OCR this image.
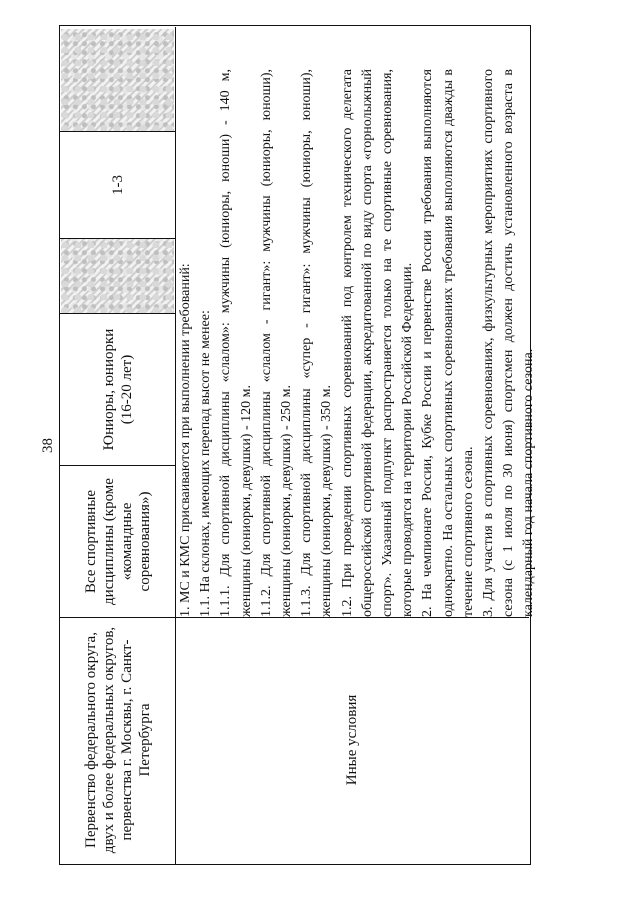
38
Первенство федерального округа, двух и более федеральных округов, первенства г. Москвы, г. Санкт-Петербурга
Все спортивные дисциплины (кроме «командные соревнования»)
Юниоры, юниорки (16-20 лет)
1-3
Иные условия

1. МС и КМС присваиваются при выполнении требований: 1.1. На склонах, имеющих перепад высот не менее: 1.1.1. Для спортивной дисциплины «слалом»: мужчины (юниоры, юноши) - 140 м, женщины (юниорки, девушки) - 120 м. 1.1.2. Для спортивной дисциплины «слалом - гигант»: мужчины (юниоры, юноши), женщины (юниорки, девушки) - 250 м. 1.1.3. Для спортивной дисциплины «супер - гигант»: мужчины (юниоры, юноши), женщины (юниорки, девушки) - 350 м. 1.2. При проведении спортивных соревнований под контролем технического делегата общероссийской спортивной федерации, аккредитованной по виду спорта «горнолыжный спорт». Указанный подпункт распространяется только на те спортивные соревнования, которые проводятся на территории Российской Федерации. 2. На чемпионате России, Кубке России и первенстве России требования выполняются однократно. На остальных спортивных соревнованиях требования выполняются дважды в течение спортивного сезона. 3. Для участия в спортивных соревнованиях, физкультурных мероприятиях спортивного сезона (с 1 июля по 30 июня) спортсмен должен достичь установленного возраста в календарный год начала спортивного сезона.
